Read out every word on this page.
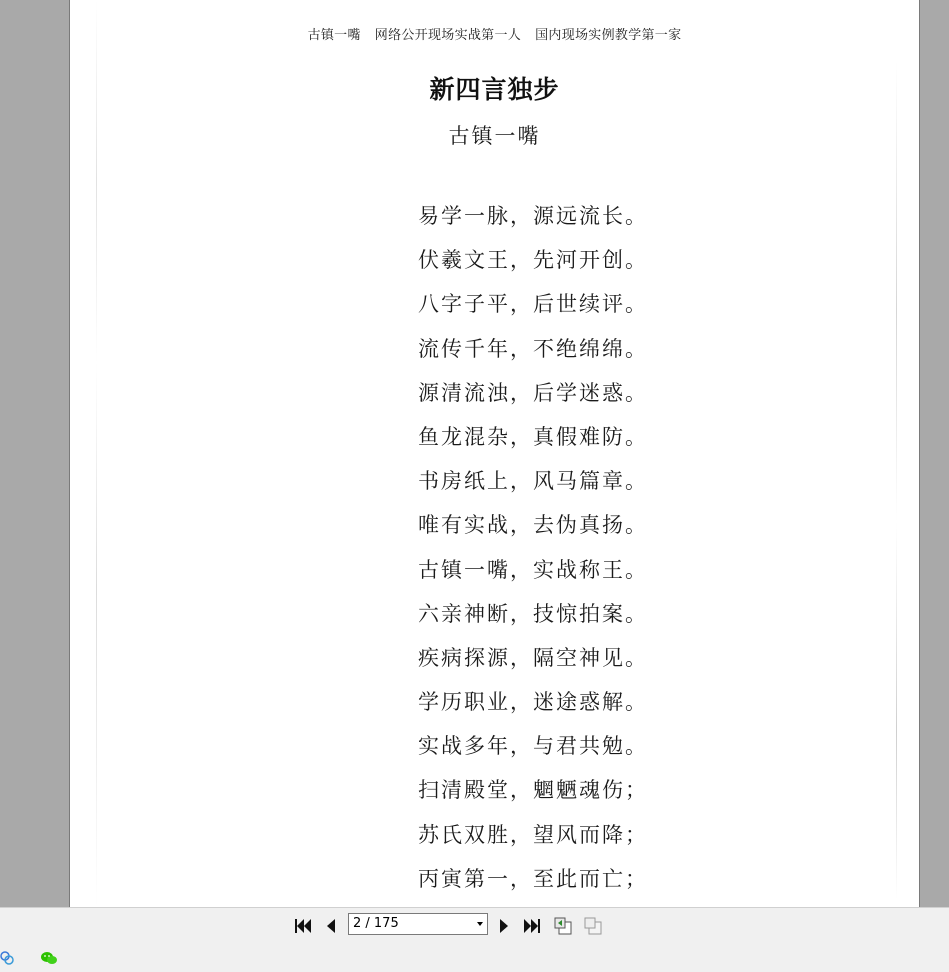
古镇一嘴 网络公开现场实战第一人 国内现场实例教学第一家
新四言独步
古镇一嘴
易学一脉，源远流长。
伏羲文王，先河开创。
八字子平，后世续评。
流传千年，不绝绵绵。
源清流浊，后学迷惑。
鱼龙混杂，真假难防。
书房纸上，风马篇章。
唯有实战，去伪真扬。
古镇一嘴，实战称王。
六亲神断，技惊拍案。
疾病探源，隔空神见。
学历职业，迷途惑解。
实战多年，与君共勉。
扫清殿堂，魍魉魂伤；
苏氏双胜，望风而降；
丙寅第一，至此而亡；
2 / 175
